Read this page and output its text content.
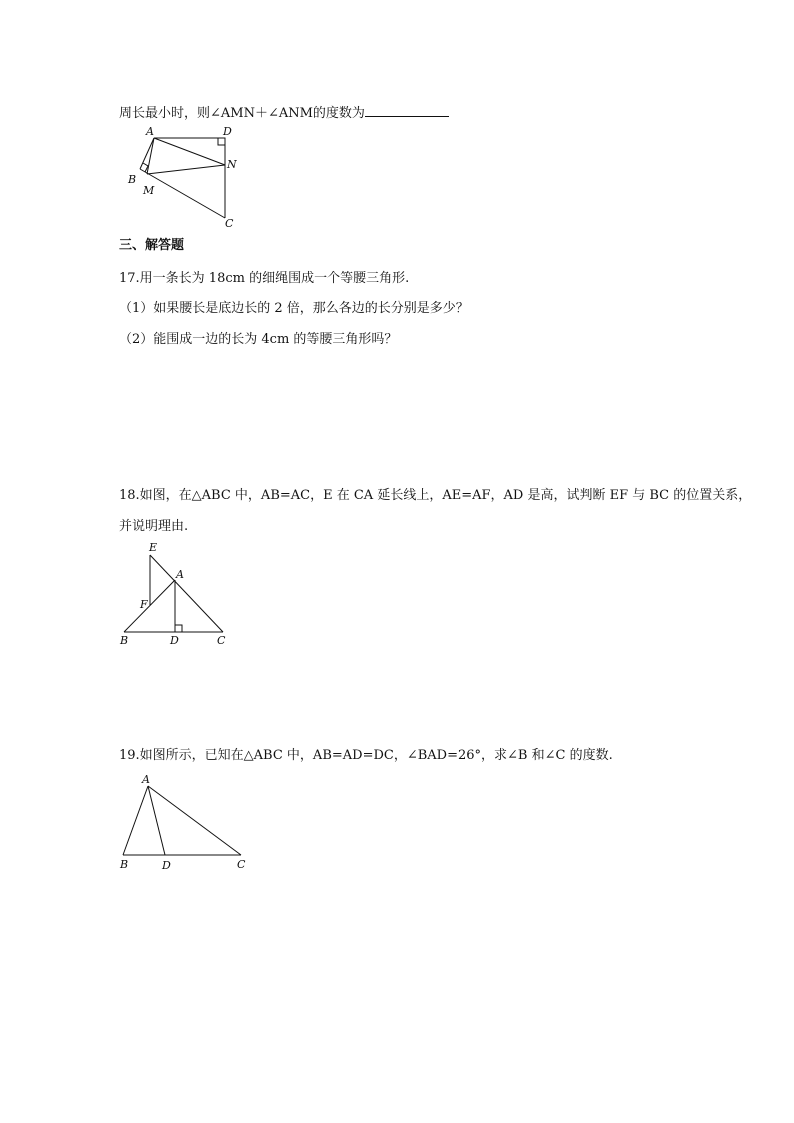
周长最小时，则∠AMN＋∠ANM的度数为
A	D
N
B
M
C
三、解答题
17.用一条长为 18cm 的细绳围成一个等腰三角形.
（1）如果腰长是底边长的 2 倍，那么各边的长分别是多少？
（2）能围成一边的长为 4cm 的等腰三角形吗？
18.如图，在△ABC 中，AB=AC，E 在 CA 延长线上，AE=AF，AD 是高，试判断 EF 与 BC 的位置关系，
并说明理由.
E
A
F
B	D	C
19.如图所示，已知在△ABC 中，AB=AD=DC，∠BAD=26°，求∠B 和∠C 的度数.
A
B	D	C
